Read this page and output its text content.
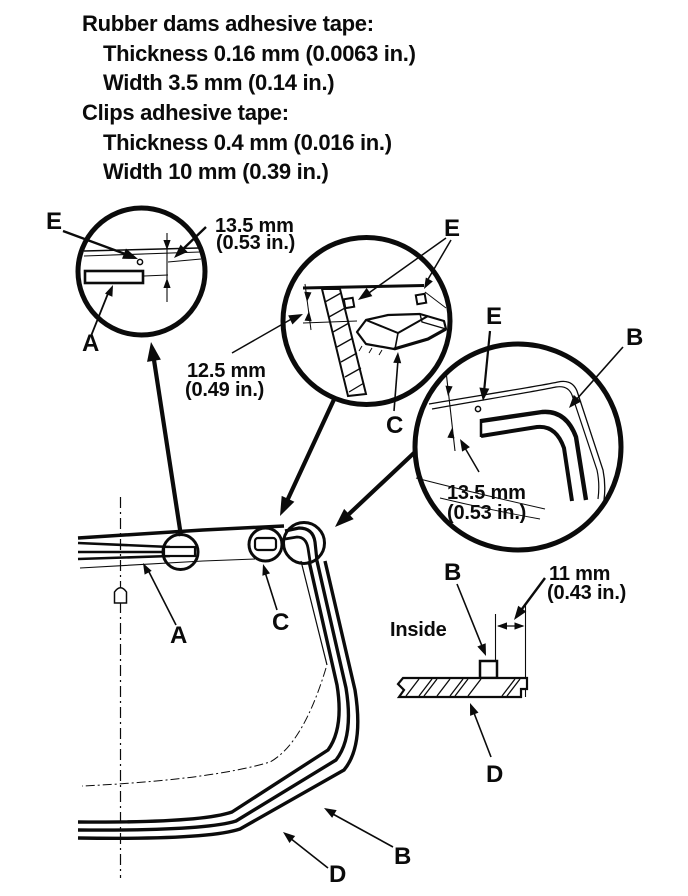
Rubber dams adhesive tape:
Thickness 0.16 mm (0.0063 in.)
Width 3.5 mm (0.14 in.)
Clips adhesive tape:
Thickness 0.4 mm (0.016 in.)
Width 10 mm (0.39 in.)
A	C
B
D
E	13.5 mm
(0.53 in.)
A
E
12.5 mm
(0.49 in.)
C
13.5 mm
(0.53 in.)
E
B
B	11 mm
(0.43 in.)
Inside
D
